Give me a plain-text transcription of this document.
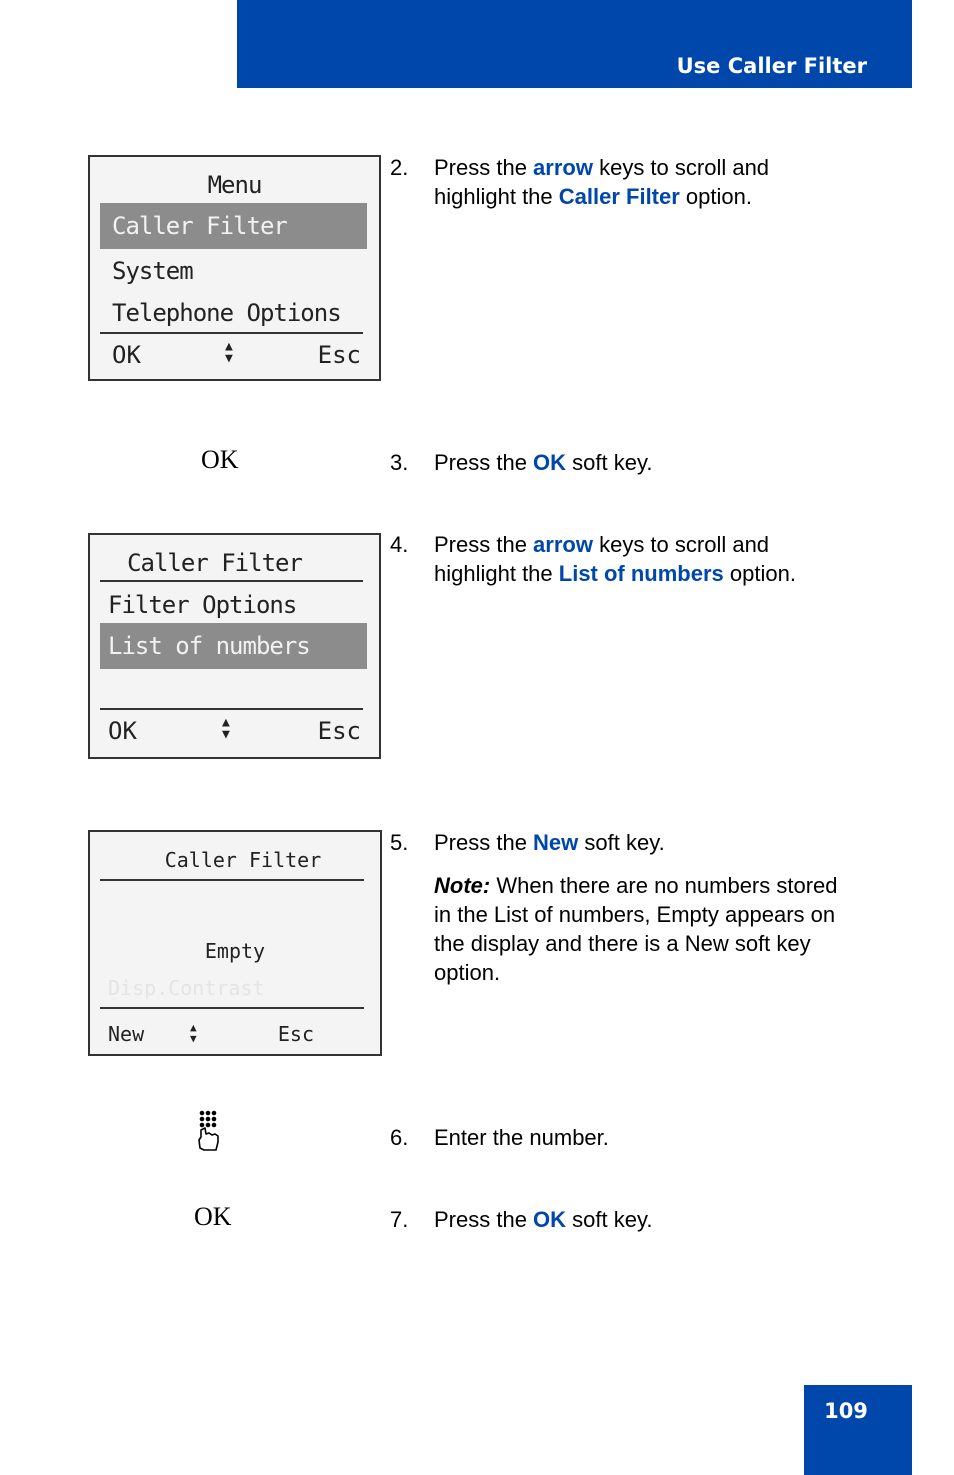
Use Caller Filter
Menu
Caller Filter
System
Telephone Options
OK	▲
▼	Esc
Caller Filter
Filter Options
List of numbers
OK	▲
▼	Esc
Caller Filter
Empty
Disp.Contrast
New	▲
▼	Esc
OK
OK
2.	Press the arrow keys to scroll and highlight the Caller Filter option.
3.	Press the OK soft key.
4.	Press the arrow keys to scroll and highlight the List of numbers option.
5.	Press the New soft key.
Note: When there are no numbers stored in the List of numbers, Empty appears on the display and there is a New soft key option.
6.	Enter the number.
7.	Press the OK soft key.
109
